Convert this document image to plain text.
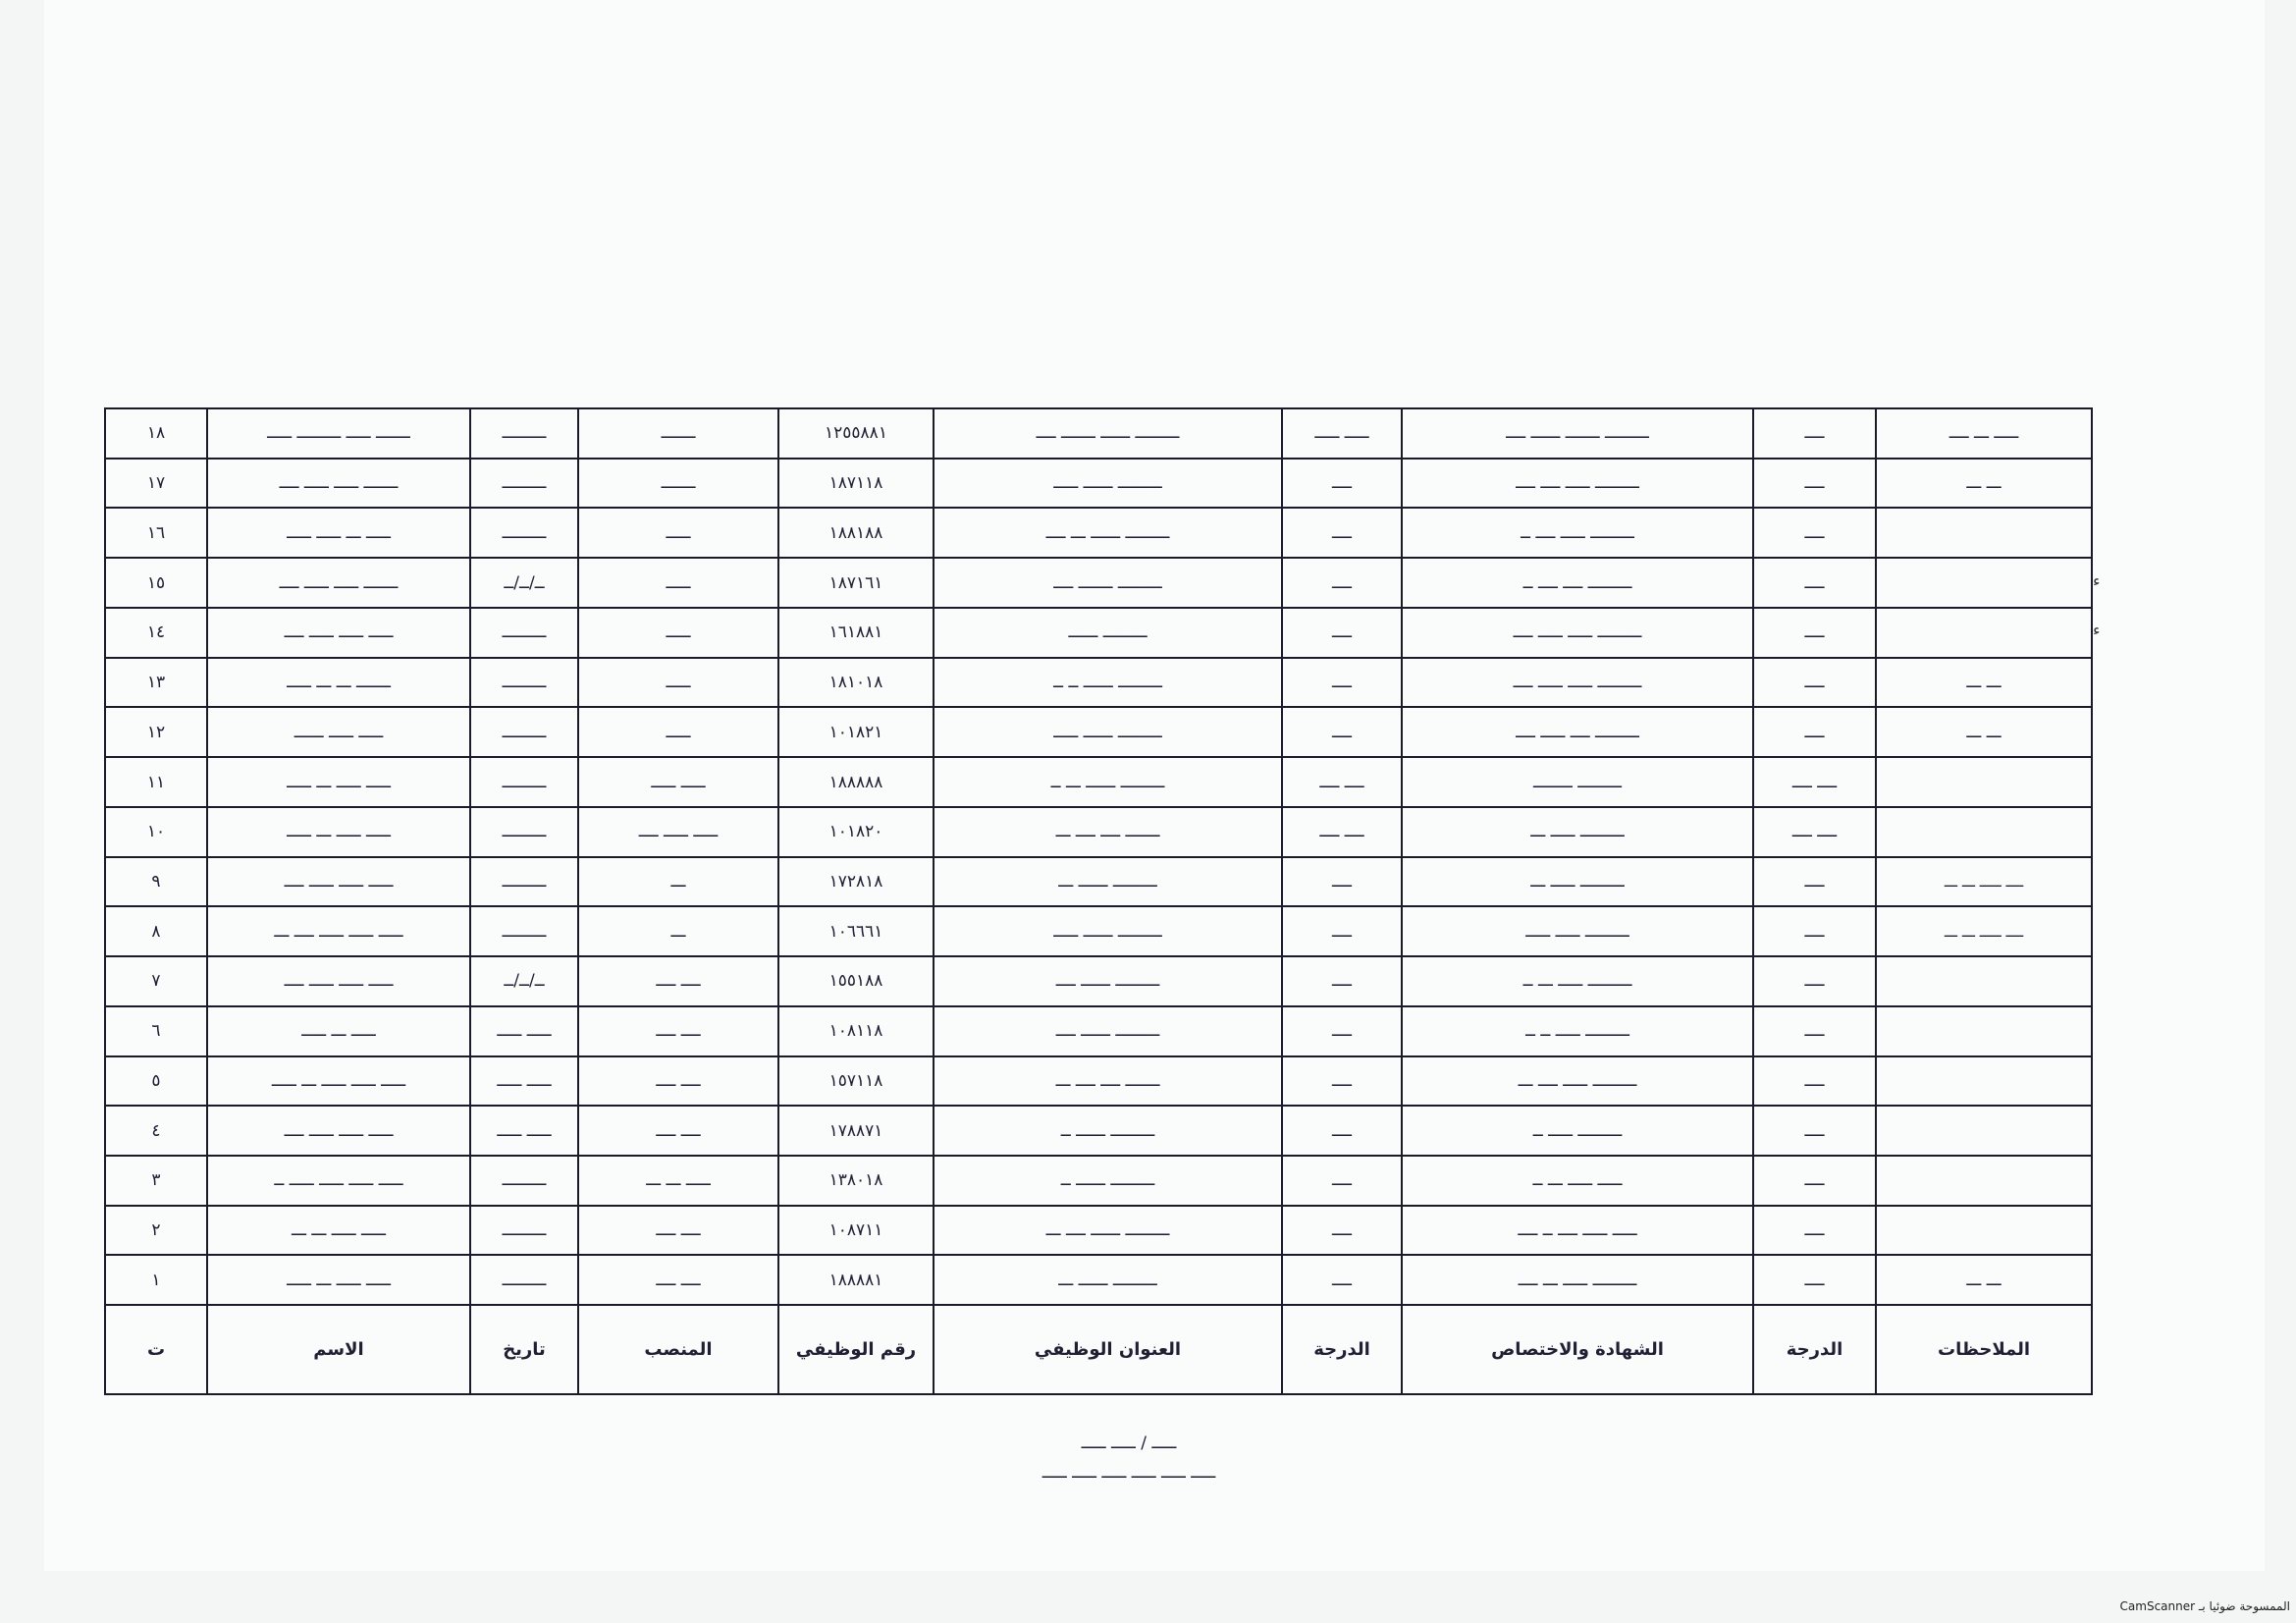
١٨	ـــــــ ـــــ ـــــــــ ـــــ	ـــــــــ	ـــــــ	١٢٥٥٨٨١	ـــــــــ ــــــ ـــــــ ــــ	ـــــ ـــــ	ـــــــــ ـــــــ ــــــ ــــ	ــــ	ـــــ ـــ ــــ
١٧	ـــــــ ـــــ ـــــ ــــ	ـــــــــ	ـــــــ	١٨٧١١٨	ـــــــــ ــــــ ـــــ	ــــ	ـــــــــ ـــــ ــــ ــــ	ــــ	ـــ ـــ
١٦	ـــــ ـــ ـــــ ـــــ	ـــــــــ	ـــــ	١٨٨١٨٨	ـــــــــ ــــــ ـــ ــــ	ــــ	ـــــــــ ـــــ ــــ ــ	ــــ	
١٥	ـــــــ ـــــ ـــــ ــــ	ــ/ــ/ــ	ـــــ	١٨٧١٦١	ـــــــــ ـــــــ ــــ	ــــ	ـــــــــ ــــ ــــ ــ	ــــ	
١٤	ـــــ ـــــ ـــــ ــــ	ـــــــــ	ـــــ	١٦١٨٨١	ـــــــــ ــــــ	ــــ	ـــــــــ ـــــ ـــــ ــــ	ــــ	
١٣	ـــــــ ـــ ـــ ـــــ	ـــــــــ	ـــــ	١٨١٠١٨	ـــــــــ ــــــ ــ ــ	ــــ	ـــــــــ ـــــ ـــــ ــــ	ــــ	ـــ ـــ
١٢	ـــــ ـــــ ــــــ	ـــــــــ	ـــــ	١٠١٨٢١	ـــــــــ ــــــ ـــــ	ــــ	ـــــــــ ــــ ـــــ ــــ	ــــ	ـــ ـــ
١١	ـــــ ـــــ ـــ ـــــ	ـــــــــ	ـــــ ـــــ	١٨٨٨٨٨	ـــــــــ ــــــ ـــ ــ	ــــ ــــ	ـــــــــ ــــــــ	ــــ ــــ	
١٠	ـــــ ـــــ ـــ ـــــ	ـــــــــ	ـــــ ـــــ ــــ	١٠١٨٢٠	ـــــــ ــــ ــــ ـــ	ــــ ــــ	ـــــــــ ـــــ ـــ	ــــ ــــ	
٩	ـــــ ـــــ ـــــ ــــ	ـــــــــ	ـــ	١٧٢٨١٨	ـــــــــ ــــــ ـــ	ــــ	ـــــــــ ـــــ ـــ	ــــ	ــــ ـــــ ـــ ـــ
٨	ـــــ ـــــ ـــــ ــــ ـــ	ـــــــــ	ـــ	١٠٦٦٦١	ـــــــــ ــــــ ـــــ	ــــ	ـــــــــ ـــــ ـــــ	ــــ	ــــ ـــــ ـــ ـــ
٧	ـــــ ـــــ ـــــ ــــ	ــ/ــ/ــ	ــــ ــــ	١٥٥١٨٨	ـــــــــ ــــــ ــــ	ــــ	ـــــــــ ـــــ ـــ ــ	ــــ	
٦	ـــــ ـــ ـــــ	ـــــ ـــــ	ــــ ــــ	١٠٨١١٨	ـــــــــ ــــــ ــــ	ــــ	ـــــــــ ـــــ ــ ــ	ــــ	
٥	ـــــ ـــــ ـــــ ـــ ـــــ	ـــــ ـــــ	ــــ ــــ	١٥٧١١٨	ـــــــ ــــ ــــ ـــ	ــــ	ـــــــــ ـــــ ــــ ـــ	ــــ	
٤	ـــــ ـــــ ـــــ ــــ	ـــــ ـــــ	ــــ ــــ	١٧٨٨٧١	ـــــــــ ــــــ ــ	ــــ	ـــــــــ ـــــ ــ	ــــ	
٣	ـــــ ـــــ ـــــ ـــــ ــ	ـــــــــ	ـــــ ـــ ـــ	١٣٨٠١٨	ـــــــــ ــــــ ــ	ــــ	ـــــ ـــــ ـــ ــ	ــــ	
٢	ـــــ ـــــ ـــ ـــ	ـــــــــ	ــــ ــــ	١٠٨٧١١	ـــــــــ ــــــ ــــ ـــ	ــــ	ـــــ ـــــ ــــ ــ ــــ	ــــ	
١	ـــــ ـــــ ـــ ـــــ	ـــــــــ	ــــ ــــ	١٨٨٨٨١	ـــــــــ ــــــ ـــ	ــــ	ـــــــــ ـــــ ـــ ــــ	ــــ	ـــ ـــ
ت	الاسم	تاريخ	المنصب	رقم الوظيفي	العنوان الوظيفي	الدرجة	الشهادة والاختصاص	الدرجة	الملاحظات
ء
ء
ـــــ / ـــــ ـــــ
ـــــ ـــــ ـــــ ـــــ ـــــ ـــــ
CamScanner الممسوحة ضوئيا بـ
